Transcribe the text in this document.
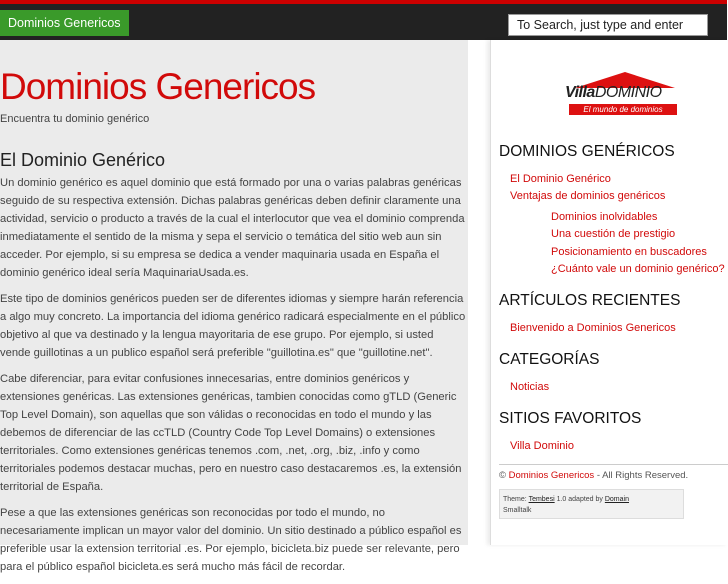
Dominios Genericos
To Search, just type and enter
Dominios Genericos
Encuentra tu dominio genérico
El Dominio Genérico

Un dominio genérico es aquel dominio que está formado por una o varias palabras genéricas seguido de su respectiva extensión. Dichas palabras genéricas deben definir claramente una actividad, servicio o producto a través de la cual el interlocutor que vea el dominio comprenda inmediatamente el sentido de la misma y sepa el servicio o temática del sitio web aun sin acceder. Por ejemplo, si su empresa se dedica a vender maquinaria usada en España el dominio genérico ideal sería MaquinariaUsada.es.

Este tipo de dominios genéricos pueden ser de diferentes idiomas y siempre harán referencia a algo muy concreto. La importancia del idioma genérico radicará especialmente en el público objetivo al que va destinado y la lengua mayoritaria de ese grupo. Por ejemplo, si usted vende guillotinas a un publico español será preferible "guillotina.es" que "guillotine.net".

Cabe diferenciar, para evitar confusiones innecesarias, entre dominios genéricos y extensiones genéricas. Las extensiones genéricas, tambien conocidas como gTLD (Generic Top Level Domain), son aquellas que son válidas o reconocidas en todo el mundo y las debemos de diferenciar de las ccTLD (Country Code Top Level Domains) o extensiones territoriales. Como extensiones genéricas tenemos .com, .net, .org, .biz, .info y como territoriales podemos destacar muchas, pero en nuestro caso destacaremos .es, la extensión territorial de España.

Pese a que las extensiones genéricas son reconocidas por todo el mundo, no necesariamente implican un mayor valor del dominio. Un sitio destinado a público español es preferible usar la extension territorial .es. Por ejemplo, bicicleta.biz puede ser relevante, pero para el público español bicicleta.es será mucho más fácil de recordar.

VillaDOMINIO
El mundo de dominios
DOMINIOS GENÉRICOS
El Dominio Genérico
Ventajas de dominios genéricos
Dominios inolvidables
Una cuestión de prestigio
Posicionamiento en buscadores
¿Cuánto vale un dominio genérico?
ARTÍCULOS RECIENTES
Bienvenido a Dominios Genericos
CATEGORÍAS
Noticias
SITIOS FAVORITOS
Villa Dominio
© Dominios Genericos - All Rights Reserved.
Theme: Tembesi 1.0 adapted by Domain
Smalltalk
